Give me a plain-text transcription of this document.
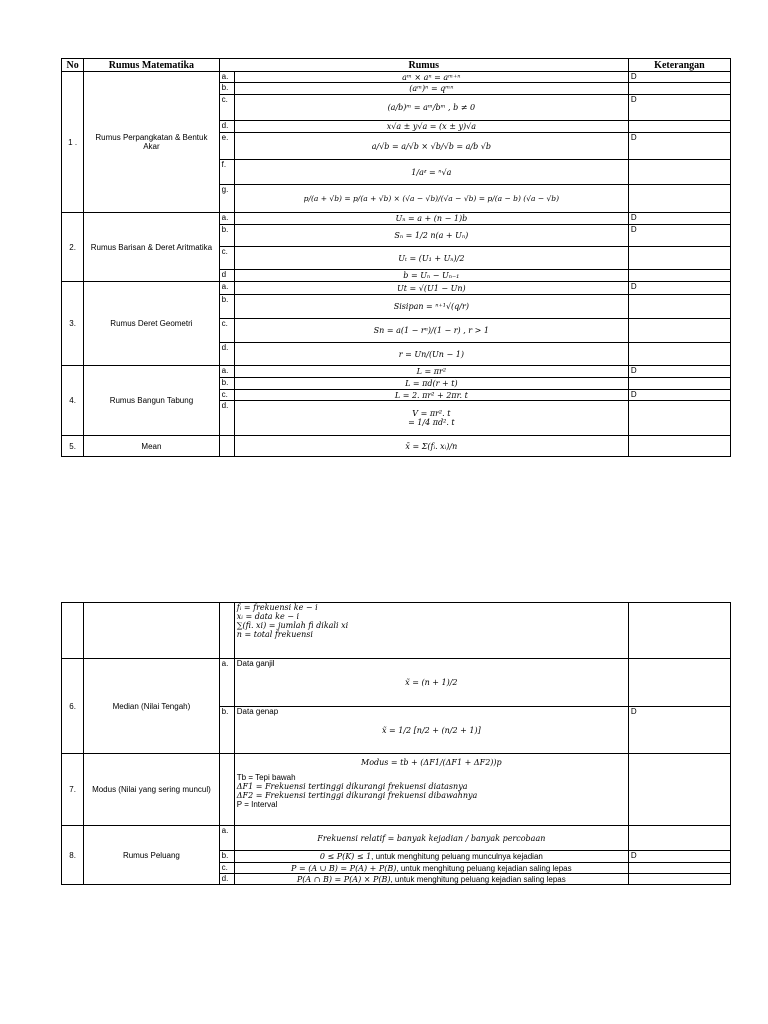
No	Rumus Matematika	Rumus		Keterangan
1 .	Rumus Perpangkatan & Bentuk Akar	a.	aᵐ × aⁿ = aᵐ⁺ⁿ	D
		b.	(aᵐ)ⁿ = qᵐⁿ	
		c.	(a/b)ᵐ = aᵐ/bᵐ , b ≠ 0	D
		d.	x√a ± y√a = (x ± y)√a	
		e.	a/√b = a/√b × √b/√b = a/b √b	D
		f.	1/aᶻ = ⁿ√a	
		g.	p/(a + √b) = p/(a + √b) × (√a − √b)/(√a − √b) = p/(a − b) (√a − √b)	
2.	Rumus Barisan & Deret Aritmatika	a.	Uₙ = a + (n − 1)b	D
		b.	Sₙ = 1/2 n(a + Uₙ)	D
		c.	Uₜ = (U₁ + Uₙ)/2	
		d	b = Uₙ − Uₙ₋₁	
3.	Rumus Deret Geometri	a.	Ut = √(U1 − Un)	D
		b.	Sisipan = ⁿ⁺¹√(q/r)	
		c.	Sn = a(1 − rⁿ)/(1 − r) , r > 1	
		d.	r = Un/(Un − 1)	
4.	Rumus Bangun Tabung	a.	L = πr²	D
		b.	L = πd(r + t)	
		c.	L = 2. πr² + 2πr. t	D
		d.	V = πr². t
= 1/4 πd². t	

5.	Mean		x̄ = Σ(fᵢ. xᵢ)/n	

			fᵢ = frekuensi ke − i
xᵢ = data ke − i
∑(fi. xi) = jumlah fi dikali xi
n = total frekuensi	

6.	Median (Nilai Tengah)	a.	Data ganjil
x̃ = (n + 1)/2	

		b.	Data genap
x̃ = 1/2 [n/2 + (n/2 + 1)]	D
7.	Modus (Nilai yang sering muncul)		Modus = tb + (ΔF1/(ΔF1 + ΔF2))p
Tb = Tepi bawah
ΔF1 = Frekuensi tertinggi dikurangi frekuensi diatasnya
ΔF2 = Frekuensi tertinggi dikurangi frekuensi dibawahnya
P = Interval	

8.	Rumus Peluang	a.	Frekuensi relatif = banyak kejadian / banyak percobaan	
		b.	0 ≤ P(K) ≤ 1, untuk menghitung peluang munculnya kejadian	D
		c.	P = (A ∪ B) = P(A) + P(B), untuk menghitung peluang kejadian saling lepas	
		d.	P(A ∩ B) = P(A) × P(B), untuk menghitung peluang kejadian saling lepas	
